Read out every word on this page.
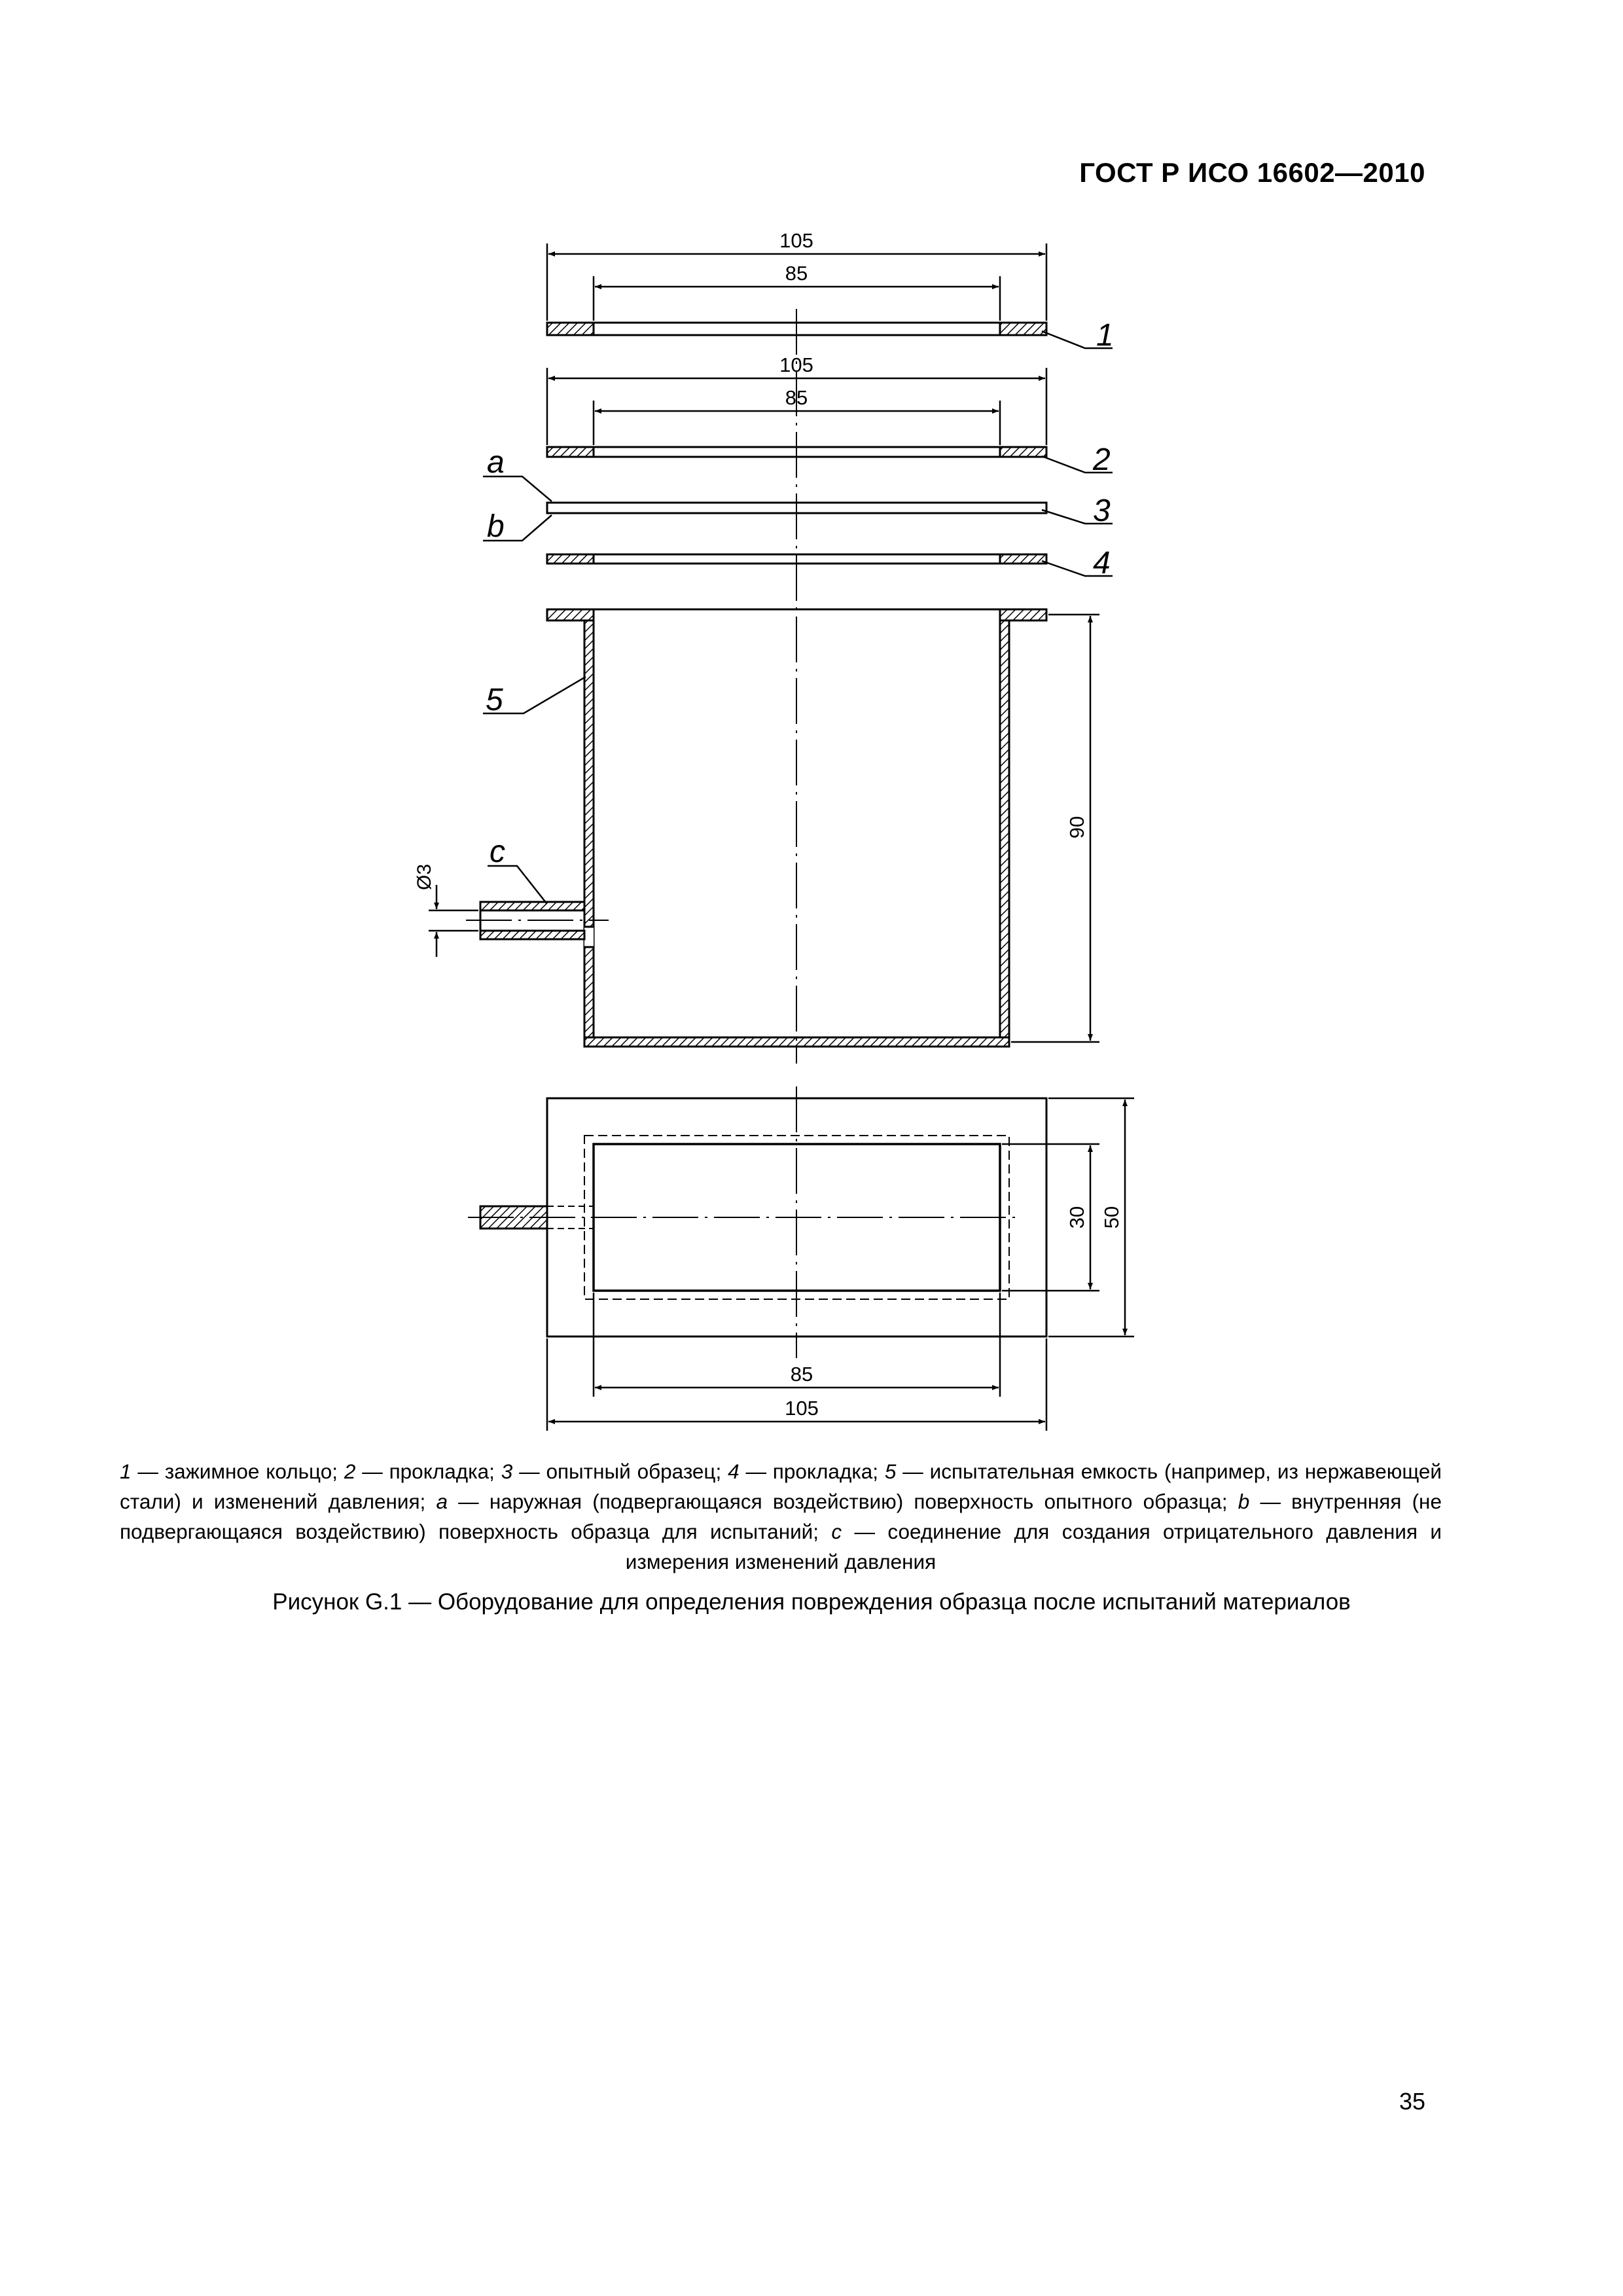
ГОСТ Р ИСО 16602—2010
105
85
105
85
Ø3
90
30 50
85
105
1
2
3
4
5
a
b
c
1 — зажимное кольцо; 2 — прокладка; 3 — опытный образец; 4 — прокладка; 5 — испытательная емкость (например, из нержавеющей стали) и изменений давления; a — наружная (подвергающаяся воздействию) поверхность опытного образца; b — внутренняя (не подвергающаяся воздействию) поверхность образца для испытаний; c — соединение для создания отрицательного давления и измерения изменений давления
Рисунок G.1 — Оборудование для определения повреждения образца после испытаний материалов
35
